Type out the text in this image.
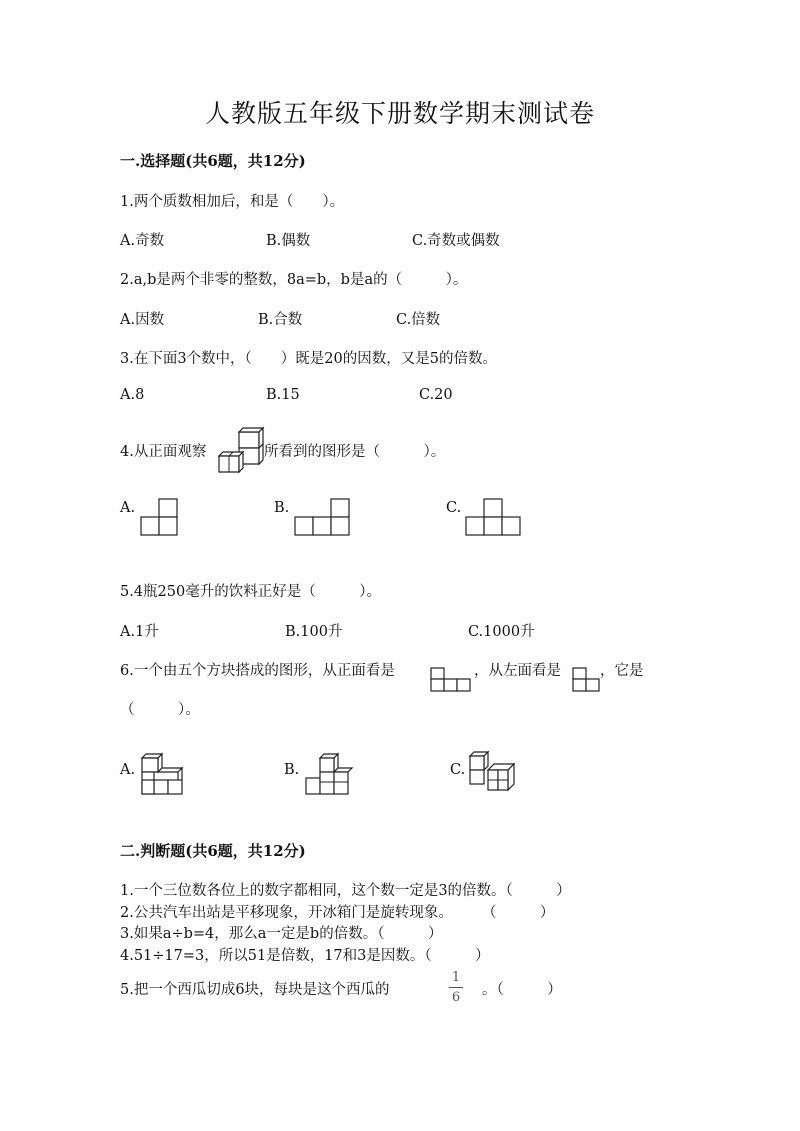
人教版五年级下册数学期末测试卷
一.选择题(共6题，共12分)
1.两个质数相加后，和是（　　）。
A.奇数	B.偶数	C.奇数或偶数
2.a,b是两个非零的整数，8a=b，b是a的（　　　）。
A.因数	B.合数	C.倍数
3.在下面3个数中，（　　）既是20的因数，又是5的倍数。
A.8	B.15	C.20
4.从正面观察	所看到的图形是（　　　）。
A.	B.	C.
5.4瓶250毫升的饮料正好是（　　　）。
A.1升	B.100升	C.1000升
6.一个由五个方块搭成的图形，从正面看是	，从左面看是	，它是
（　　　）。
A.	B.	C.
二.判断题(共6题，共12分)
1.一个三位数各位上的数字都相同，这个数一定是3的倍数。（　　　）
2.公共汽车出站是平移现象，开冰箱门是旋转现象。　　　（　　　）
3.如果a÷b=4，那么a一定是b的倍数。（　　　）
4.51÷17=3，所以51是倍数，17和3是因数。（　　　）
5.把一个西瓜切成6块，每块是这个西瓜的
1
6 。（　　　）
